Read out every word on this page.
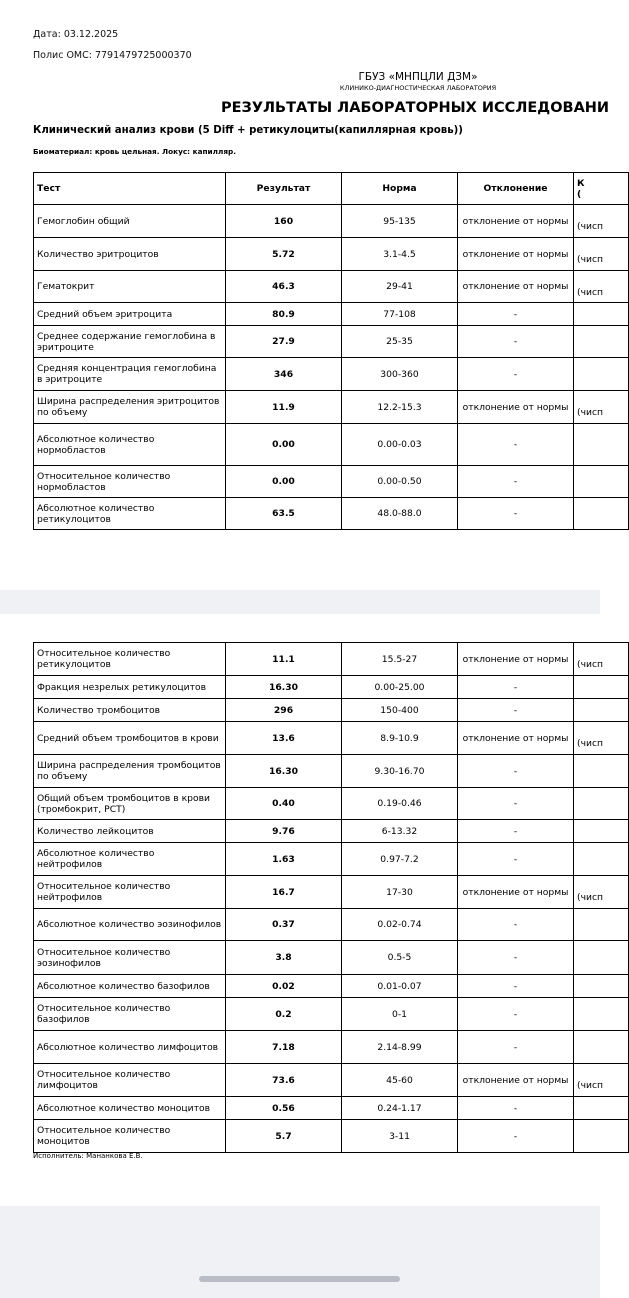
Дата: 03.12.2025
Полис ОМС: 7791479725000370
ГБУЗ «МНПЦЛИ ДЗМ»
КЛИНИКО-ДИАГНОСТИЧЕСКАЯ ЛАБОРАТОРИЯ
РЕЗУЛЬТАТЫ ЛАБОРАТОРНЫХ ИССЛЕДОВАНИ
Клинический анализ крови (5 Diff + ретикулоциты(капиллярная кровь))
Биоматериал: кровь цельная. Локус: капилляр.
Тест	Результат	Норма	Отклонение	К
(

Гемоглобин общий	160	95-135	отклонение от нормы	(чисп

Количество эритроцитов	5.72	3.1-4.5	отклонение от нормы	(чисп

Гематокрит	46.3	29-41	отклонение от нормы	(чисп

Средний объем эритроцита	80.9	77-108	-	

Среднее содержание гемоглобина в эритроците	27.9	25-35	-	

Средняя концентрация гемоглобина в эритроците	346	300-360	-	

Ширина распределения эритроцитов по объему	11.9	12.2-15.3	отклонение от нормы	(чисп

Абсолютное количество нормобластов	0.00	0.00-0.03	-	

Относительное количество нормобластов	0.00	0.00-0.50	-	

Абсолютное количество ретикулоцитов	63.5	48.0-88.0	-	
Относительное количество ретикулоцитов	11.1	15.5-27	отклонение от нормы	(чисп

Фракция незрелых ретикулоцитов	16.30	0.00-25.00	-	

Количество тромбоцитов	296	150-400	-	

Средний объем тромбоцитов в крови	13.6	8.9-10.9	отклонение от нормы	(чисп

Ширина распределения тромбоцитов по объему	16.30	9.30-16.70	-	

Общий объем тромбоцитов в крови (тромбокрит, PCT)	0.40	0.19-0.46	-	

Количество лейкоцитов	9.76	6-13.32	-	

Абсолютное количество нейтрофилов	1.63	0.97-7.2	-	

Относительное количество нейтрофилов	16.7	17-30	отклонение от нормы	(чисп

Абсолютное количество эозинофилов	0.37	0.02-0.74	-	

Относительное количество эозинофилов	3.8	0.5-5	-	

Абсолютное количество базофилов	0.02	0.01-0.07	-	

Относительное количество базофилов	0.2	0-1	-	

Абсолютное количество лимфоцитов	7.18	2.14-8.99	-	

Относительное количество лимфоцитов	73.6	45-60	отклонение от нормы	(чисп

Абсолютное количество моноцитов	0.56	0.24-1.17	-	

Относительное количество моноцитов	5.7	3-11	-	
Исполнитель: Мананкова Е.В.
